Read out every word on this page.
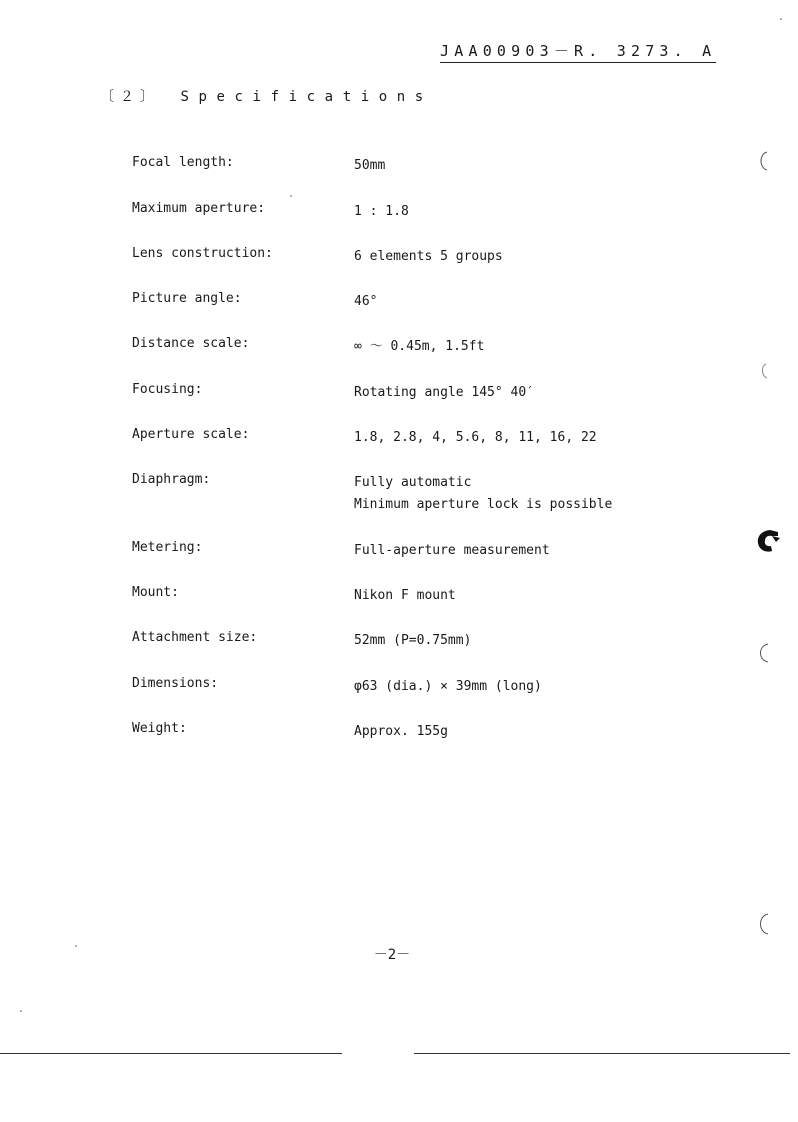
JAA00903－R. 3273. A
〔２〕 Specifications
Focal length:	50mm
Maximum aperture:	1 : 1.8
Lens construction:	6 elements 5 groups
Picture angle:	46°
Distance scale:	∞ ～ 0.45m, 1.5ft
Focusing:	Rotating angle 145° 40′
Aperture scale:	1.8, 2.8, 4, 5.6, 8, 11, 16, 22
Diaphragm:	Fully automatic
Minimum aperture lock is possible
Metering:	Full-aperture measurement
Mount:	Nikon F mount
Attachment size:	52mm (P=0.75mm)
Dimensions:	φ63 (dia.) × 39mm (long)
Weight:	Approx. 155g
－2－
